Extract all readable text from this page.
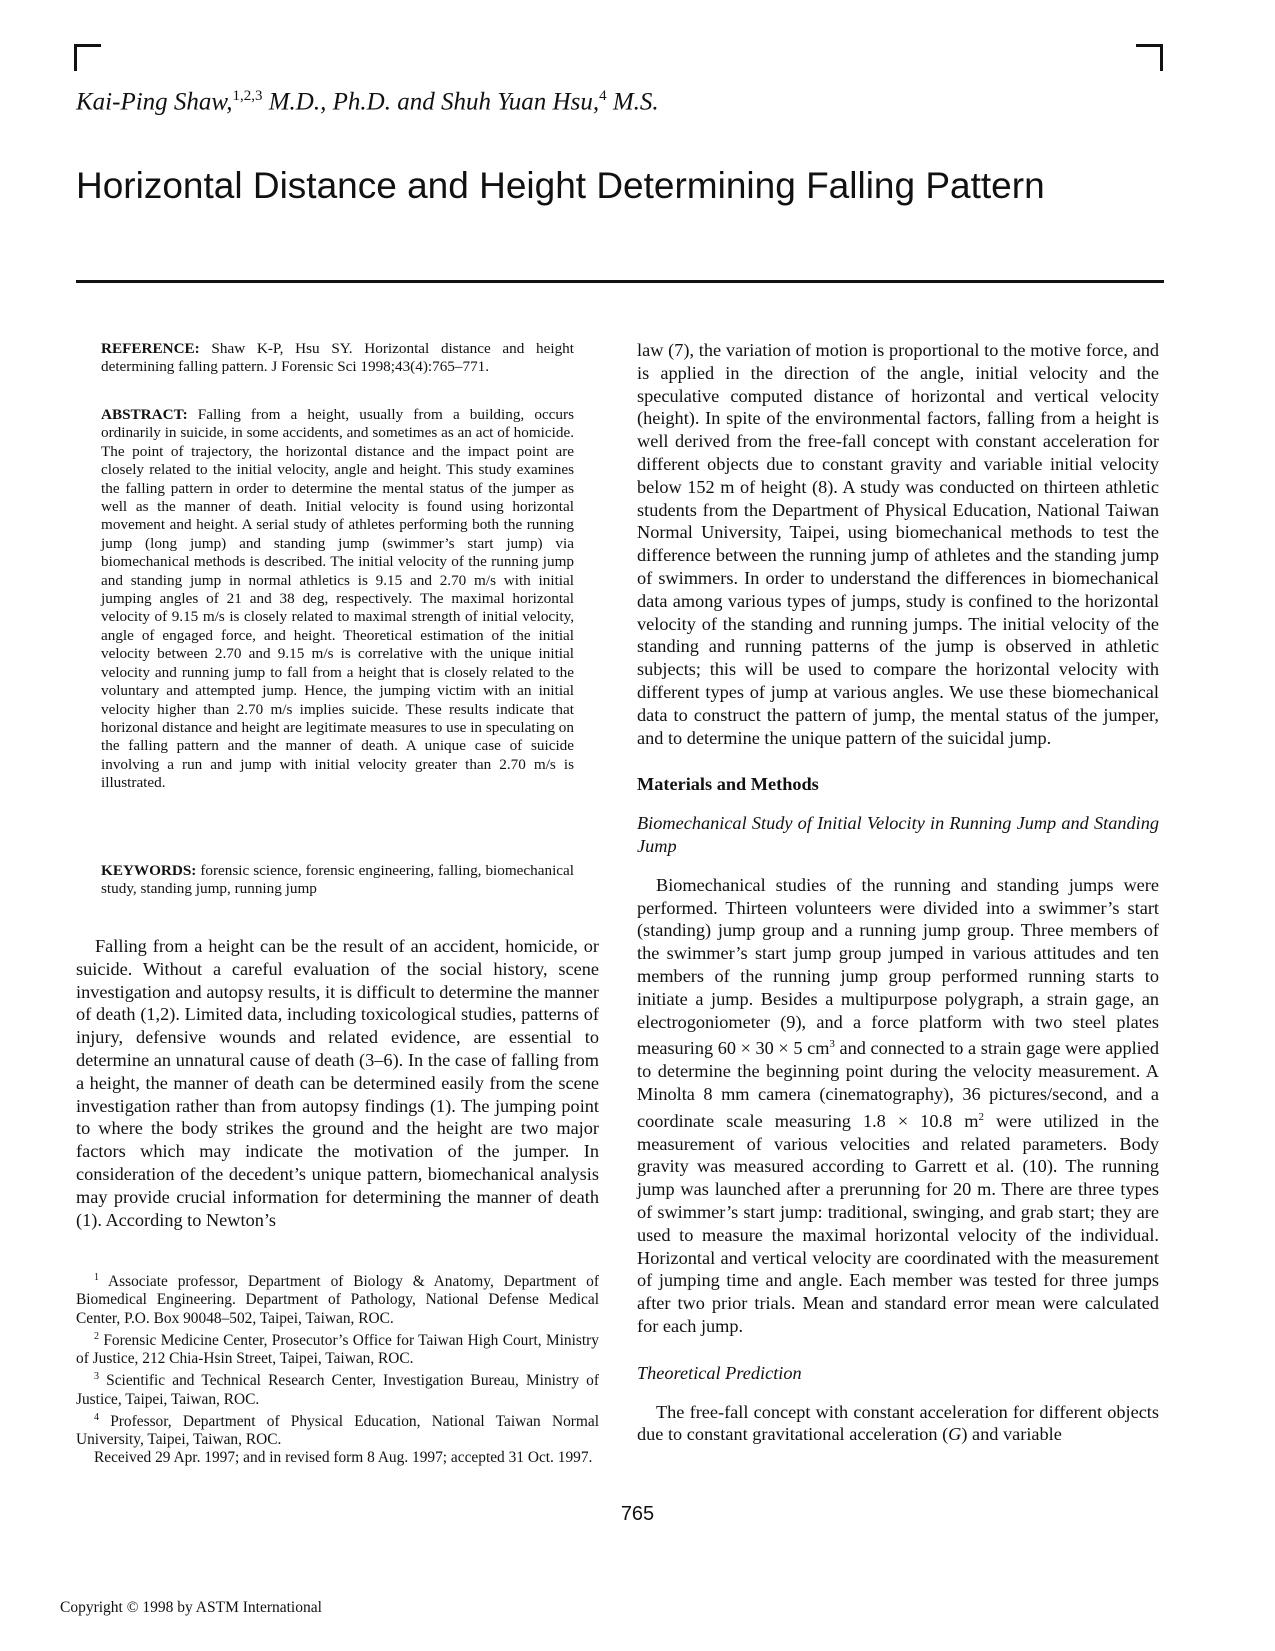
Kai-Ping Shaw,$^{1,2,3}$ M.D., Ph.D. and Shuh Yuan Hsu,$^4$ M.S.
Horizontal Distance and Height Determining Falling Pattern
REFERENCE: Shaw K-P, Hsu SY. Horizontal distance and height determining falling pattern. J Forensic Sci 1998;43(4):765–771.
ABSTRACT: Falling from a height, usually from a building, occurs ordinarily in suicide, in some accidents, and sometimes as an act of homicide. The point of trajectory, the horizontal distance and the impact point are closely related to the initial velocity, angle and height. This study examines the falling pattern in order to determine the mental status of the jumper as well as the manner of death. Initial velocity is found using horizontal movement and height. A serial study of athletes performing both the running jump (long jump) and standing jump (swimmer’s start jump) via biomechanical methods is described. The initial velocity of the running jump and standing jump in normal athletics is 9.15 and 2.70 m/s with initial jumping angles of 21 and 38 deg, respectively. The maximal horizontal velocity of 9.15 m/s is closely related to maximal strength of initial velocity, angle of engaged force, and height. Theoretical estimation of the initial velocity between 2.70 and 9.15 m/s is correlative with the unique initial velocity and running jump to fall from a height that is closely related to the voluntary and attempted jump. Hence, the jumping victim with an initial velocity higher than 2.70 m/s implies suicide. These results indicate that horizonal distance and height are legitimate measures to use in speculating on the falling pattern and the manner of death. A unique case of suicide involving a run and jump with initial velocity greater than 2.70 m/s is illustrated.
KEYWORDS: forensic science, forensic engineering, falling, biomechanical study, standing jump, running jump
Falling from a height can be the result of an accident, homicide, or suicide. Without a careful evaluation of the social history, scene investigation and autopsy results, it is difficult to determine the manner of death (1,2). Limited data, including toxicological studies, patterns of injury, defensive wounds and related evidence, are essential to determine an unnatural cause of death (3–6). In the case of falling from a height, the manner of death can be determined easily from the scene investigation rather than from autopsy findings (1). The jumping point to where the body strikes the ground and the height are two major factors which may indicate the motivation of the jumper. In consideration of the decedent’s unique pattern, biomechanical analysis may provide crucial information for determining the manner of death (1). According to Newton’s

$^1$ Associate professor, Department of Biology & Anatomy, Department of Biomedical Engineering. Department of Pathology, National Defense Medical Center, P.O. Box 90048–502, Taipei, Taiwan, ROC.

$^2$ Forensic Medicine Center, Prosecutor’s Office for Taiwan High Court, Ministry of Justice, 212 Chia-Hsin Street, Taipei, Taiwan, ROC.

$^3$ Scientific and Technical Research Center, Investigation Bureau, Ministry of Justice, Taipei, Taiwan, ROC.

$^4$ Professor, Department of Physical Education, National Taiwan Normal University, Taipei, Taiwan, ROC.

Received 29 Apr. 1997; and in revised form 8 Aug. 1997; accepted 31 Oct. 1997.

law (7), the variation of motion is proportional to the motive force, and is applied in the direction of the angle, initial velocity and the speculative computed distance of horizontal and vertical velocity (height). In spite of the environmental factors, falling from a height is well derived from the free-fall concept with constant acceleration for different objects due to constant gravity and variable initial velocity below 152 m of height (8). A study was conducted on thirteen athletic students from the Department of Physical Education, National Taiwan Normal University, Taipei, using biomechanical methods to test the difference between the running jump of athletes and the standing jump of swimmers. In order to understand the differences in biomechanical data among various types of jumps, study is confined to the horizontal velocity of the standing and running jumps. The initial velocity of the standing and running patterns of the jump is observed in athletic subjects; this will be used to compare the horizontal velocity with different types of jump at various angles. We use these biomechanical data to construct the pattern of jump, the mental status of the jumper, and to determine the unique pattern of the suicidal jump.

Materials and Methods

Biomechanical Study of Initial Velocity in Running Jump and Standing Jump

Biomechanical studies of the running and standing jumps were performed. Thirteen volunteers were divided into a swimmer’s start (standing) jump group and a running jump group. Three members of the swimmer’s start jump group jumped in various attitudes and ten members of the running jump group performed running starts to initiate a jump. Besides a multipurpose polygraph, a strain gage, an electrogoniometer (9), and a force platform with two steel plates measuring 60 × 30 × 5 $cm^3$ and connected to a strain gage were applied to determine the beginning point during the velocity measurement. A Minolta 8 mm camera (cinematography), 36 pictures/second, and a coordinate scale measuring 1.8 × 10.8 $m^2$ were utilized in the measurement of various velocities and related parameters. Body gravity was measured according to Garrett et al. (10). The running jump was launched after a prerunning for 20 m. There are three types of swimmer’s start jump: traditional, swinging, and grab start; they are used to measure the maximal horizontal velocity of the individual. Horizontal and vertical velocity are coordinated with the measurement of jumping time and angle. Each member was tested for three jumps after two prior trials. Mean and standard error mean were calculated for each jump.

Theoretical Prediction

The free-fall concept with constant acceleration for different objects due to constant gravitational acceleration (G) and variable

765
Copyright © 1998 by ASTM International
